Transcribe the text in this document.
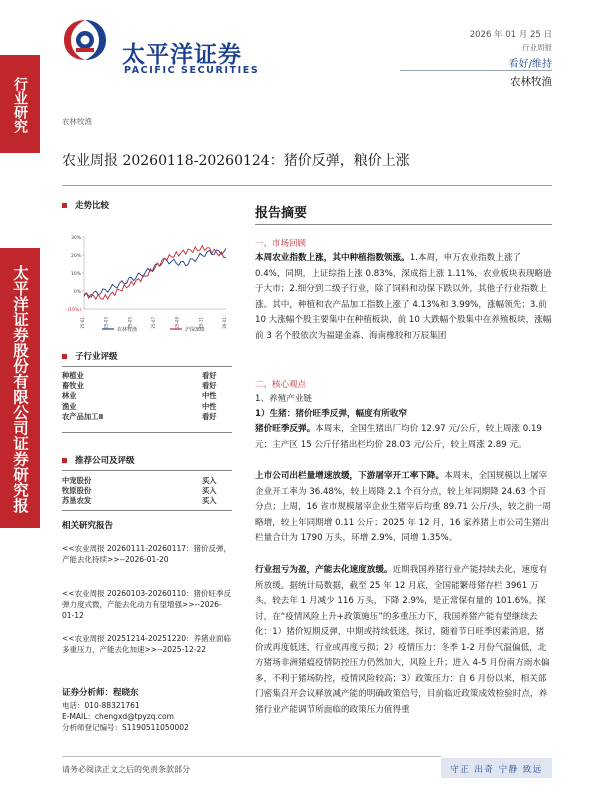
行业研究
太平洋证券股份有限公司证券研究报
太平洋证券
PACIFIC SECURITIES
2026 年 01 月 25 日
行业周报
看好/维持
农林牧渔
农林牧渔
农业周报 20260118-20260124：猪价反弹，粮价上涨
走势比较
30%
20%
10%
0%
(10%)
25-01	25-03	25-05	25-07	25-09	25-11	26-01
农林牧渔	沪深300
子行业评级
种植业	看好
畜牧业	看好
林业	中性
渔业	中性
农产品加工Ⅱ	看好
推荐公司及评级
中宠股份	买入
牧原股份	买入
苏垦农发	买入
相关研究报告
<<农业周报 20260111-20260117：猪价反弹，产能去化持续>>--2026-01-20
<<农业周报 20260103-20260110：猪价旺季反弹力度式微，产能去化动力有望增强>>--2026-01-12
<<农业周报 20251214-20251220：养猪业面临多重压力，产能去化加速>>--2025-12-22
证券分析师：程晓东
电话：010-88321761
E-MAIL：chengxd@tpyzq.com
分析师登记编号：S1190511050002
报告摘要
一、市场回顾
本周农业指数上涨，其中种植指数领涨。1.本周，申万农业指数上涨了 0.4%，同期，上证综指上涨 0.83%，深成指上涨 1.11%，农业板块表现略逊于大市；2.细分到二级子行业，除了饲料和动保下跌以外，其他子行业指数上涨。其中，种植和农产品加工指数上涨了 4.13%和 3.99%，涨幅领先；3.前 10 大涨幅个股主要集中在种植板块，前 10 大跌幅个股集中在养殖板块，涨幅前 3 名个股依次为福建金森、海南橡胶和万辰集团
二、核心观点
1、养殖产业链
1）生猪：猪价旺季反弹，幅度有所收窄
猪价旺季反弹。本周末，全国生猪出厂均价 12.97 元/公斤，较上周涨 0.19 元；主产区 15 公斤仔猪出栏均价 28.03 元/公斤，较上周涨 2.89 元。
上市公司出栏量增速放缓，下游屠宰开工率下降。本周末，全国规模以上屠宰企业开工率为 36.48%，较上周降 2.1 个百分点，较上年同期降 24.63 个百分点；上周，16 省市规模屠宰企业生猪宰后均重 89.71 公斤/头，较之前一周略增，较上年同期增 0.11 公斤；2025 年 12 月，16 家养猪上市公司生猪出栏量合计为 1790 万头，环增 2.9%，同增 1.35%。
行业扭亏为盈，产能去化速度放缓。近期我国养猪行业产能持续去化，速度有所放缓。据统计局数据，截至 25 年 12 月底，全国能繁母猪存栏 3961 万头，较去年 1 月减少 116 万头，下降 2.9%，是正常保有量的 101.6%。探讨，在“疫情风险上升+政策施压”的多重压力下，我国养猪产能有望继续去化：1）猪价短期反弹，中期或持续低迷，探讨，随着节日旺季因素消退，猪价或再度低迷，行业或再度亏损；2）疫情压力：冬季 1-2 月份气温偏低，北方猪场非洲猪瘟疫情防控压力仍然加大，风险上升；进入 4-5 月份南方雨水偏多，不利于猪场防控，疫情风险较高；3）政策压力：自 6 月份以来，相关部门密集召开会议释放减产能的明确政策信号，目前临近政策成效检验时点，养猪行业产能调节所面临的政策压力值得重
请务必阅读正文之后的免责条款部分	守正 出奇 宁静 致远
